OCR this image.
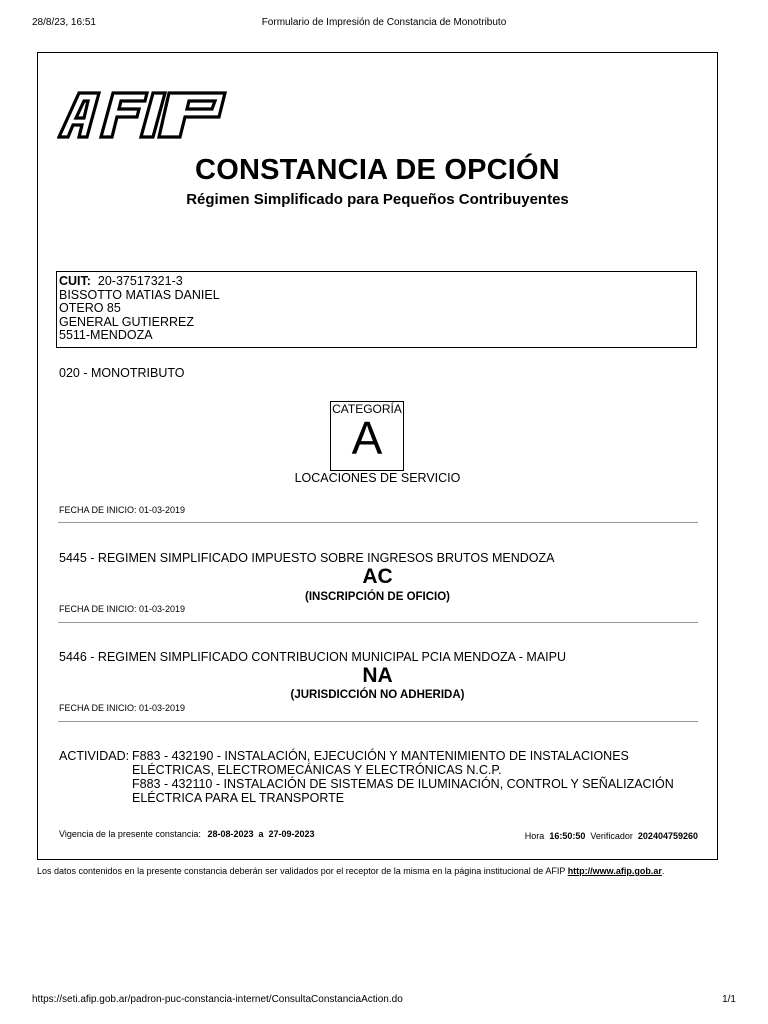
28/8/23, 16:51	Formulario de Impresión de Constancia de Monotributo
CONSTANCIA DE OPCIÓN
Régimen Simplificado para Pequeños Contribuyentes
CUIT: 20-37517321-3
BISSOTTO MATIAS DANIEL
OTERO 85
GENERAL GUTIERREZ
5511-MENDOZA
020 - MONOTRIBUTO
CATEGORÍA
A
LOCACIONES DE SERVICIO
FECHA DE INICIO: 01-03-2019
5445 - REGIMEN SIMPLIFICADO IMPUESTO SOBRE INGRESOS BRUTOS MENDOZA
AC
(INSCRIPCIÓN DE OFICIO)
FECHA DE INICIO: 01-03-2019
5446 - REGIMEN SIMPLIFICADO CONTRIBUCION MUNICIPAL PCIA MENDOZA - MAIPU
NA
(JURISDICCIÓN NO ADHERIDA)
FECHA DE INICIO: 01-03-2019
ACTIVIDAD: F883 - 432190 - INSTALACIÓN, EJECUCIÓN Y MANTENIMIENTO DE INSTALACIONES
ELÉCTRICAS, ELECTROMECÁNICAS Y ELECTRÓNICAS N.C.P.
F883 - 432110 - INSTALACIÓN DE SISTEMAS DE ILUMINACIÓN, CONTROL Y SEÑALIZACIÓN
ELÉCTRICA PARA EL TRANSPORTE
Vigencia de la presente constancia: 28-08-2023  a  27-09-2023	Hora 16:50:50 Verificador 202404759260
Los datos contenidos en la presente constancia deberán ser validados por el receptor de la misma en la página institucional de AFIP http://www.afip.gob.ar.
https://seti.afip.gob.ar/padron-puc-constancia-internet/ConsultaConstanciaAction.do	1/1
